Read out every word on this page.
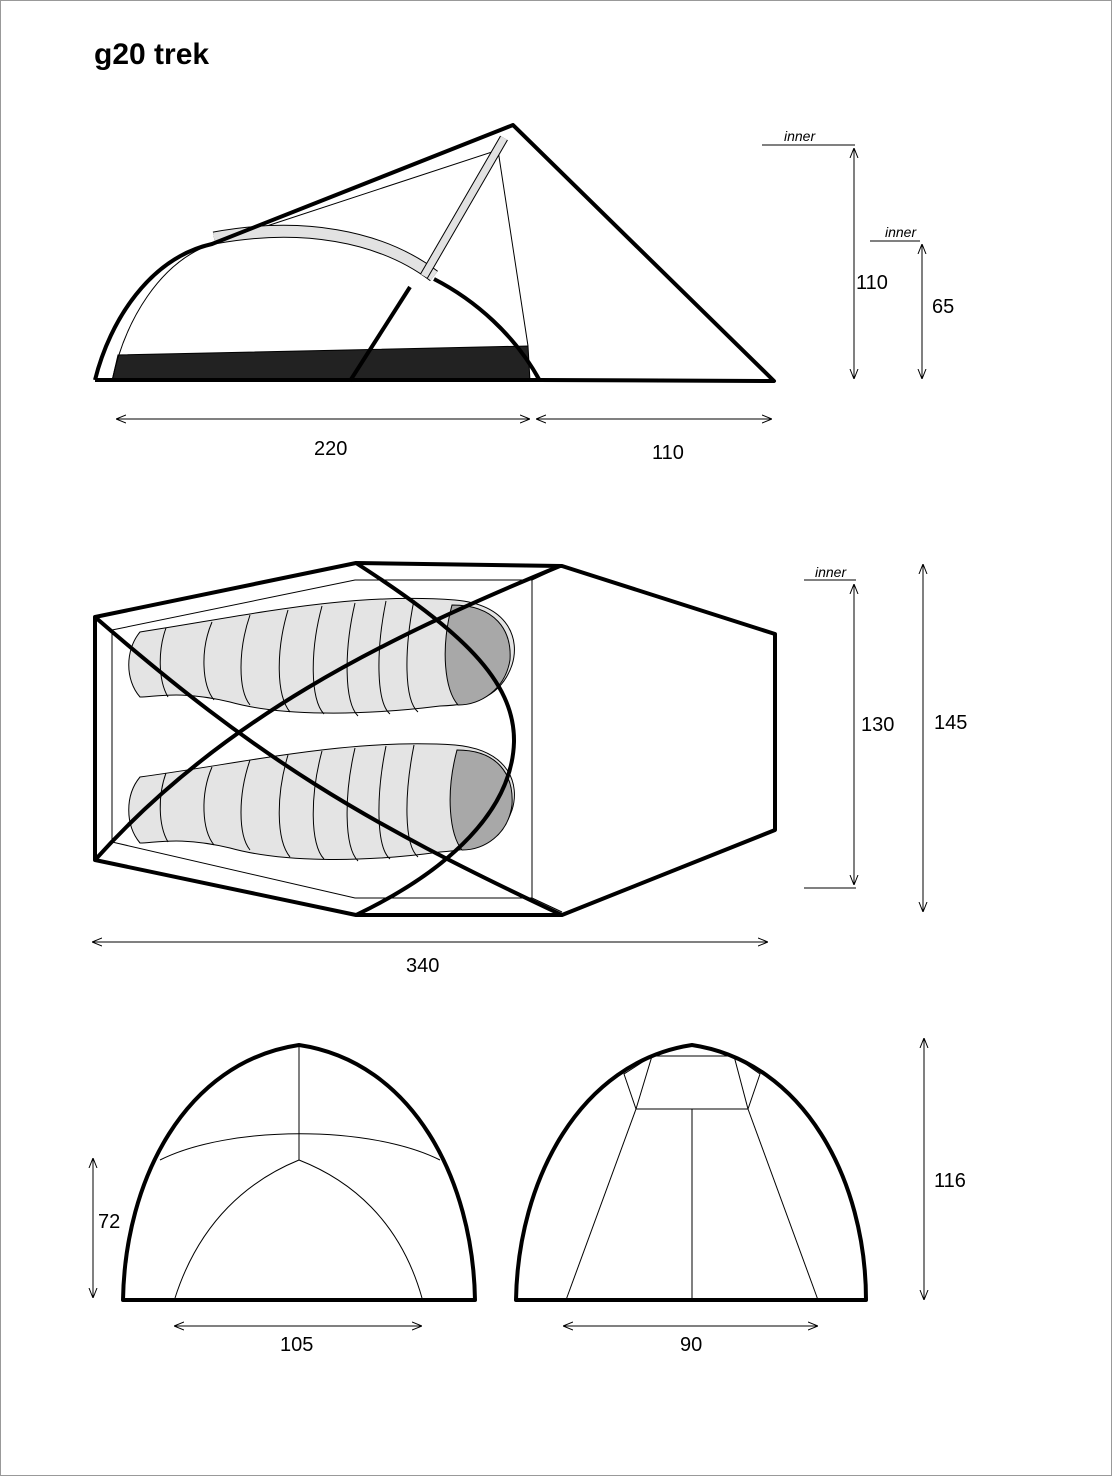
g20 trek
220	110
inner
110
inner
65
340
inner
130 145
72
105	90
116
